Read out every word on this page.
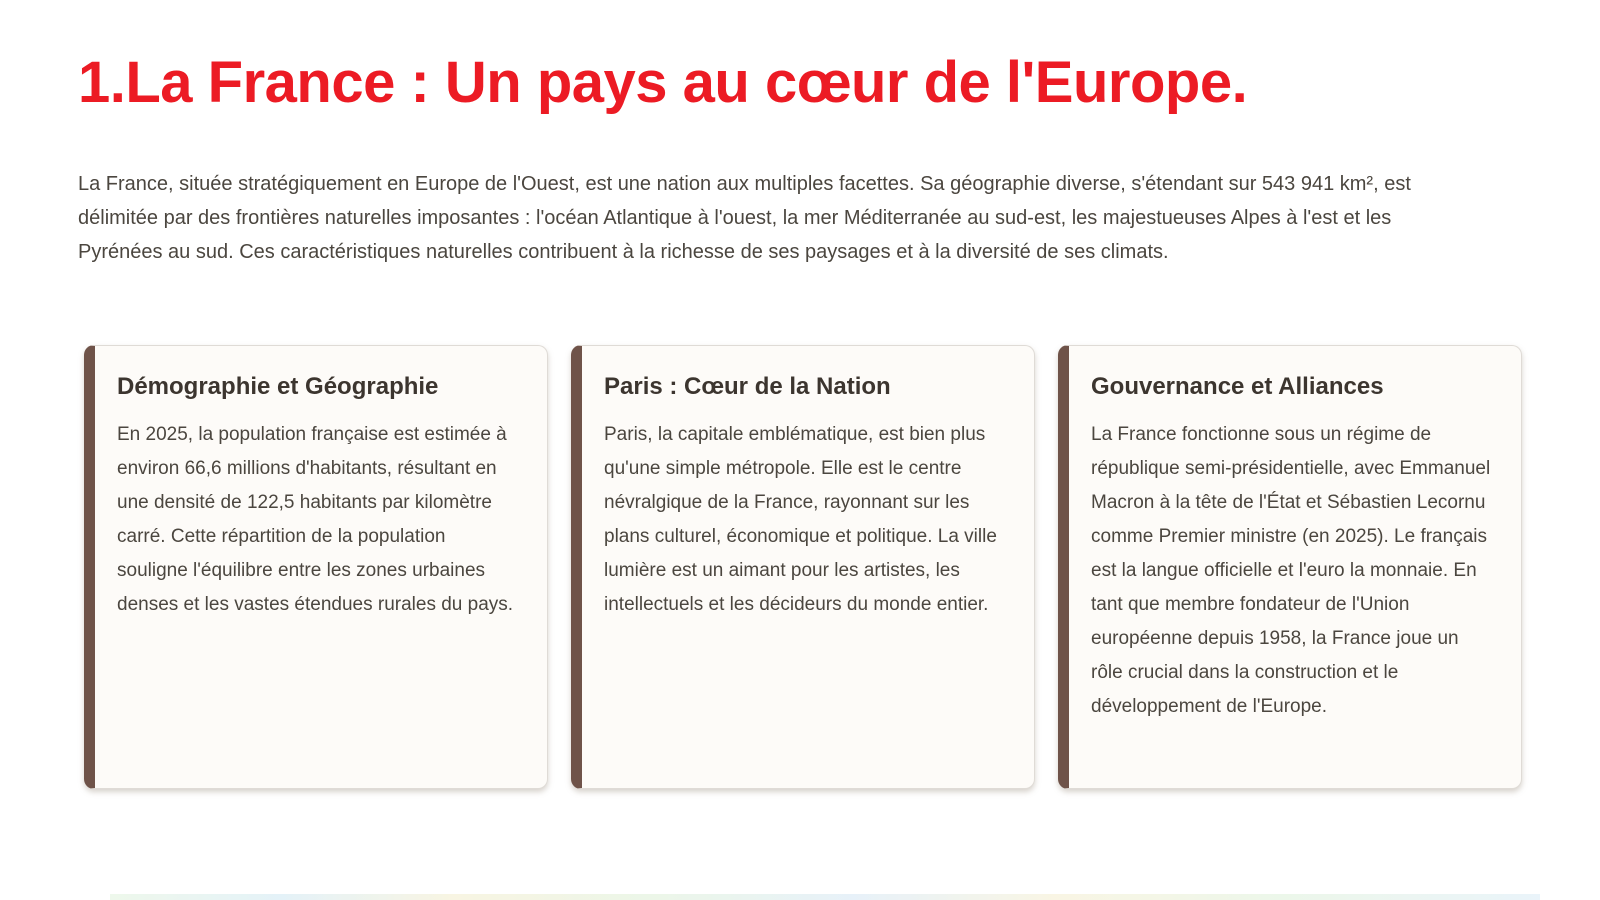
1.La France : Un pays au cœur de l'Europe.

La France, située stratégiquement en Europe de l'Ouest, est une nation aux multiples facettes. Sa géographie diverse, s'étendant sur 543 941 km², est délimitée par des frontières naturelles imposantes : l'océan Atlantique à l'ouest, la mer Méditerranée au sud-est, les majestueuses Alpes à l'est et les Pyrénées au sud. Ces caractéristiques naturelles contribuent à la richesse de ses paysages et à la diversité de ses climats.

Démographie et Géographie

En 2025, la population française est estimée à environ 66,6 millions d'habitants, résultant en une densité de 122,5 habitants par kilomètre carré. Cette répartition de la population souligne l'équilibre entre les zones urbaines denses et les vastes étendues rurales du pays.

Paris : Cœur de la Nation

Paris, la capitale emblématique, est bien plus qu'une simple métropole. Elle est le centre névralgique de la France, rayonnant sur les plans culturel, économique et politique. La ville lumière est un aimant pour les artistes, les intellectuels et les décideurs du monde entier.

Gouvernance et Alliances

La France fonctionne sous un régime de république semi-présidentielle, avec Emmanuel Macron à la tête de l'État et Sébastien Lecornu comme Premier ministre (en 2025). Le français est la langue officielle et l'euro la monnaie. En tant que membre fondateur de l'Union européenne depuis 1958, la France joue un rôle crucial dans la construction et le développement de l'Europe.
